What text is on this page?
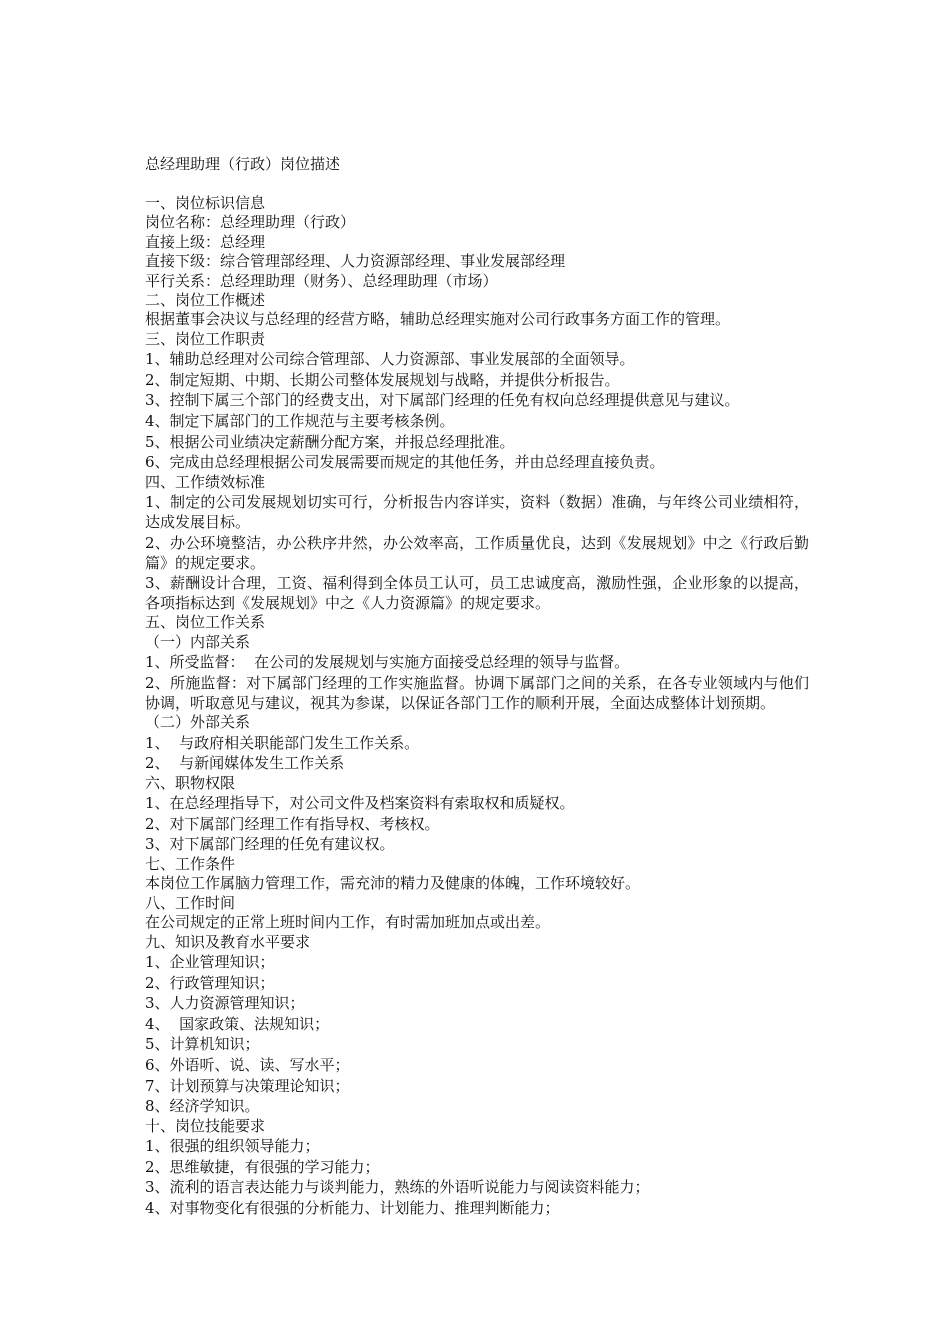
总经理助理（行政）岗位描述
一、岗位标识信息
岗位名称：总经理助理（行政）
直接上级：总经理
直接下级：综合管理部经理、人力资源部经理、事业发展部经理
平行关系：总经理助理（财务）、总经理助理（市场）
二、岗位工作概述
根据董事会决议与总经理的经营方略，辅助总经理实施对公司行政事务方面工作的管理。
三、岗位工作职责
1、辅助总经理对公司综合管理部、人力资源部、事业发展部的全面领导。
2、制定短期、中期、长期公司整体发展规划与战略，并提供分析报告。
3、控制下属三个部门的经费支出，对下属部门经理的任免有权向总经理提供意见与建议。
4、制定下属部门的工作规范与主要考核条例。
5、根据公司业绩决定薪酬分配方案，并报总经理批准。
6、完成由总经理根据公司发展需要而规定的其他任务，并由总经理直接负责。
四、工作绩效标准
1、制定的公司发展规划切实可行，分析报告内容详实，资料（数据）准确，与年终公司业绩相符，达成发展目标。
2、办公环境整洁，办公秩序井然，办公效率高，工作质量优良，达到《发展规划》中之《行政后勤篇》的规定要求。
3、薪酬设计合理，工资、福利得到全体员工认可，员工忠诚度高，激励性强，企业形象的以提高，各项指标达到《发展规划》中之《人力资源篇》的规定要求。
五、岗位工作关系
（一）内部关系
1、所受监督：  在公司的发展规划与实施方面接受总经理的领导与监督。
2、所施监督：对下属部门经理的工作实施监督。协调下属部门之间的关系，在各专业领域内与他们协调，听取意见与建议，视其为参谋，以保证各部门工作的顺利开展，全面达成整体计划预期。
（二）外部关系
1、  与政府相关职能部门发生工作关系。
2、  与新闻媒体发生工作关系
六、职物权限
1、在总经理指导下，对公司文件及档案资料有索取权和质疑权。
2、对下属部门经理工作有指导权、考核权。
3、对下属部门经理的任免有建议权。
七、工作条件
本岗位工作属脑力管理工作，需充沛的精力及健康的体魄，工作环境较好。
八、工作时间
在公司规定的正常上班时间内工作，有时需加班加点或出差。
九、知识及教育水平要求
1、企业管理知识；
2、行政管理知识；
3、人力资源管理知识；
4、  国家政策、法规知识；
5、计算机知识；
6、外语听、说、读、写水平；
7、计划预算与决策理论知识；
8、经济学知识。
十、岗位技能要求
1、很强的组织领导能力；
2、思维敏捷，有很强的学习能力；
3、流利的语言表达能力与谈判能力，熟练的外语听说能力与阅读资料能力；
4、对事物变化有很强的分析能力、计划能力、推理判断能力；
